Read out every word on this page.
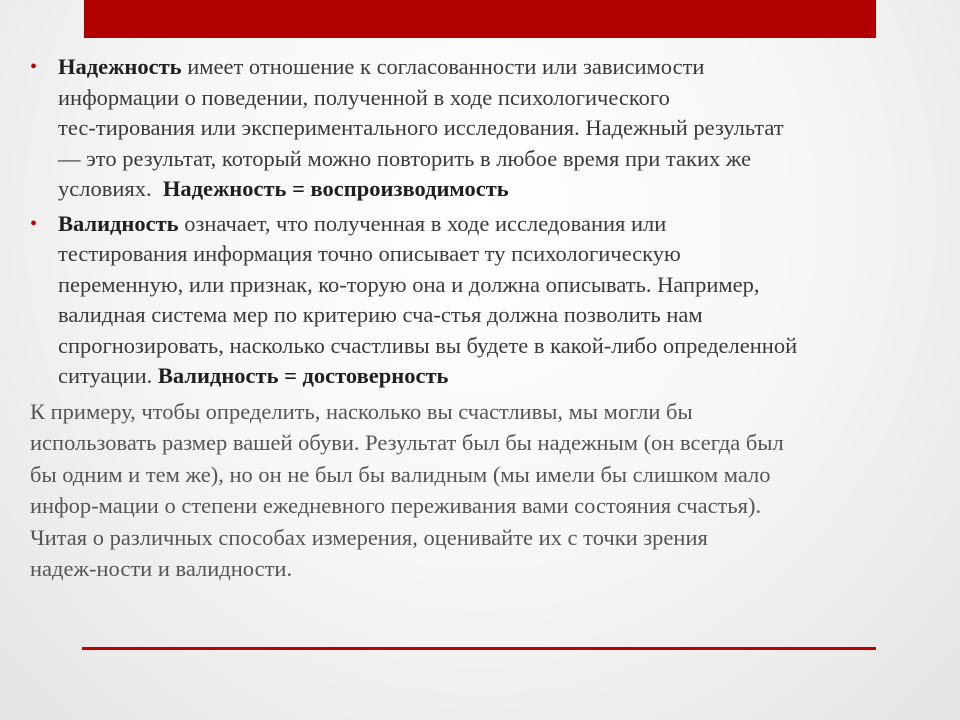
• Надежность имеет отношение к согласованности или зависимости
информации о поведении, полученной в ходе психологического
тес-тирования или экспериментального исследования. Надежный результат
— это результат, который можно повторить в любое время при таких же
условиях.  Надежность = воспроизводимость
• Валидность означает, что полученная в ходе исследования или
тестирования информация точно описывает ту психологическую
переменную, или признак, ко-торую она и должна описывать. Например,
валидная система мер по критерию сча-стья должна позволить нам
спрогнозировать, насколько счастливы вы будете в какой-либо определенной
ситуации. Валидность = достоверность
К примеру, чтобы определить, насколько вы счастливы, мы могли бы
использовать размер вашей обуви. Результат был бы надежным (он всегда был
бы одним и тем же), но он не был бы валидным (мы имели бы слишком мало
инфор-мации о степени ежедневного переживания вами состояния счастья).
Читая о различных способах измерения, оценивайте их с точки зрения
надеж-ности и валидности.
